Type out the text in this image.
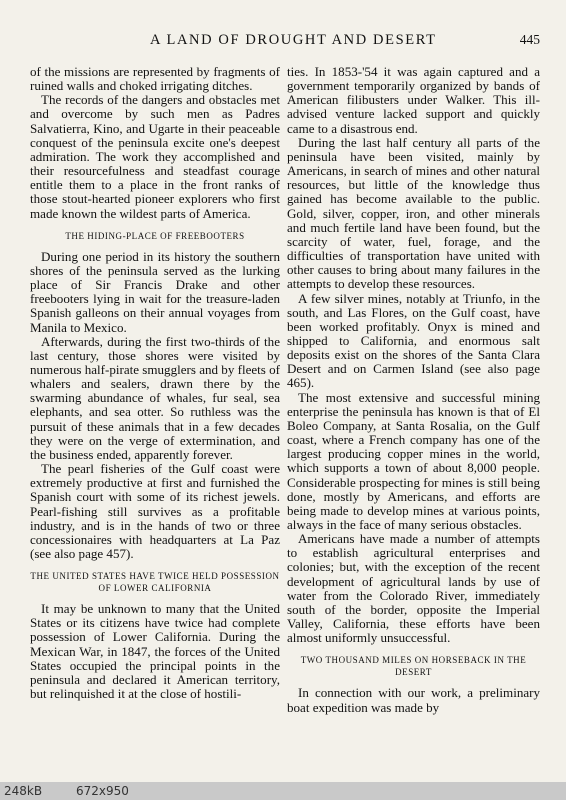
A LAND OF DROUGHT AND DESERT	445

of the missions are represented by fragments of ruined walls and choked irrigating ditches.

The records of the dangers and obstacles met and overcome by such men as Padres Salvatierra, Kino, and Ugarte in their peaceable conquest of the peninsula excite one's deepest admiration. The work they accomplished and their resourcefulness and steadfast courage entitle them to a place in the front ranks of those stout-hearted pioneer explorers who first made known the wildest parts of America.

THE HIDING-PLACE OF FREEBOOTERS

During one period in its history the southern shores of the peninsula served as the lurking place of Sir Francis Drake and other freebooters lying in wait for the treasure-laden Spanish galleons on their annual voyages from Manila to Mexico.

Afterwards, during the first two-thirds of the last century, those shores were visited by numerous half-pirate smugglers and by fleets of whalers and sealers, drawn there by the swarming abundance of whales, fur seal, sea elephants, and sea otter. So ruthless was the pursuit of these animals that in a few decades they were on the verge of extermination, and the business ended, apparently forever.

The pearl fisheries of the Gulf coast were extremely productive at first and furnished the Spanish court with some of its richest jewels. Pearl-fishing still survives as a profitable industry, and is in the hands of two or three concessionaires with headquarters at La Paz (see also page 457).

THE UNITED STATES HAVE TWICE HELD POSSESSION OF LOWER CALIFORNIA

It may be unknown to many that the United States or its citizens have twice had complete possession of Lower California. During the Mexican War, in 1847, the forces of the United States occupied the principal points in the peninsula and declared it American territory, but relinquished it at the close of hostili-

ties. In 1853-'54 it was again captured and a government temporarily organized by bands of American filibusters under Walker. This ill-advised venture lacked support and quickly came to a disastrous end.

During the last half century all parts of the peninsula have been visited, mainly by Americans, in search of mines and other natural resources, but little of the knowledge thus gained has become available to the public. Gold, silver, copper, iron, and other minerals and much fertile land have been found, but the scarcity of water, fuel, forage, and the difficulties of transportation have united with other causes to bring about many failures in the attempts to develop these resources.

A few silver mines, notably at Triunfo, in the south, and Las Flores, on the Gulf coast, have been worked profitably. Onyx is mined and shipped to California, and enormous salt deposits exist on the shores of the Santa Clara Desert and on Carmen Island (see also page 465).

The most extensive and successful mining enterprise the peninsula has known is that of El Boleo Company, at Santa Rosalia, on the Gulf coast, where a French company has one of the largest producing copper mines in the world, which supports a town of about 8,000 people. Considerable prospecting for mines is still being done, mostly by Americans, and efforts are being made to develop mines at various points, always in the face of many serious obstacles.

Americans have made a number of attempts to establish agricultural enterprises and colonies; but, with the exception of the recent development of agricultural lands by use of water from the Colorado River, immediately south of the border, opposite the Imperial Valley, California, these efforts have been almost uniformly unsuccessful.

TWO THOUSAND MILES ON HORSEBACK IN THE DESERT

In connection with our work, a preliminary boat expedition was made by

248kB	672x950
